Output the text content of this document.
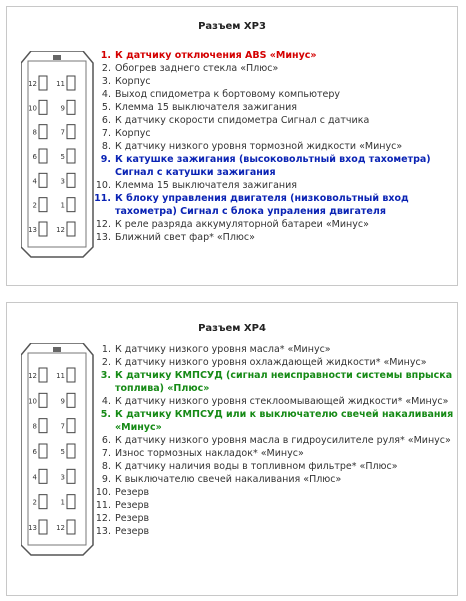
Разъем ХР3
12	11
10	9
8	7
6	5
4	3
2	1
13	12
1. К датчику отключения ABS «Минус»
2. Обогрев заднего стекла «Плюс»
3. Корпус
4. Выход спидометра к бортовому компьютеру
5. Клемма 15 выключателя зажигания
6. К датчику скорости спидометра Сигнал с датчика
7. Корпус
8. К датчику низкого уровня тормозной жидкости «Минус»
9. К катушке зажигания (высоковольтный вход тахометра) Сигнал с катушки зажигания
10. Клемма 15 выключателя зажигания
11. К блоку управления двигателя (низковольтный вход тахометра) Сигнал с блока упраления двигателя
12. К реле разряда аккумуляторной батареи «Минус»
13. Ближний свет фар* «Плюс»
Разъем ХР4
12	11
10	9
8	7
6	5
4	3
2	1
13	12
1. К датчику низкого уровня масла* «Минус»
2. К датчику низкого уровня охлаждающей жидкости* «Минус»
3. К датчику КМПСУД (сигнал неисправности системы впрыска топлива) «Плюс»
4. К датчику низкого уровня стеклоомывающей жидкости* «Минус»
5. К датчику КМПСУД или к выключателю свечей накаливания «Минус»
6. К датчику низкого уровня масла в гидроусилителе руля* «Минус»
7. Износ тормозных накладок* «Минус»
8. К датчику наличия воды в топливном фильтре* «Плюс»
9. К выключателю свечей накаливания «Плюс»
10. Резерв
11. Резерв
12. Резерв
13. Резерв
